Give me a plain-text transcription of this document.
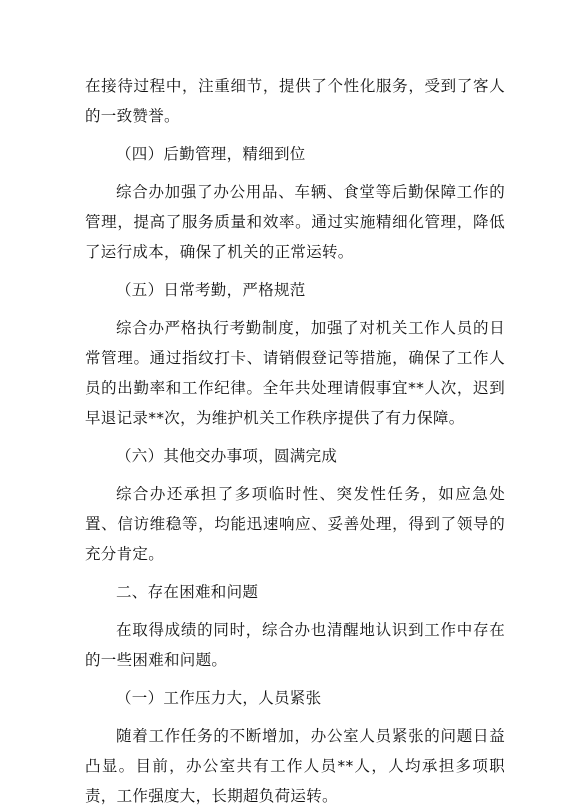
在接待过程中，注重细节，提供了个性化服务，受到了客人的一致赞誉。

（四）后勤管理，精细到位

综合办加强了办公用品、车辆、食堂等后勤保障工作的管理，提高了服务质量和效率。通过实施精细化管理，降低了运行成本，确保了机关的正常运转。

（五）日常考勤，严格规范

综合办严格执行考勤制度，加强了对机关工作人员的日常管理。通过指纹打卡、请销假登记等措施，确保了工作人员的出勤率和工作纪律。全年共处理请假事宜**人次，迟到早退记录**次，为维护机关工作秩序提供了有力保障。

（六）其他交办事项，圆满完成

综合办还承担了多项临时性、突发性任务，如应急处置、信访维稳等，均能迅速响应、妥善处理，得到了领导的充分肯定。

二、存在困难和问题

在取得成绩的同时，综合办也清醒地认识到工作中存在的一些困难和问题。

（一）工作压力大，人员紧张

随着工作任务的不断增加，办公室人员紧张的问题日益凸显。目前，办公室共有工作人员**人，人均承担多项职责，工作强度大，长期超负荷运转。
